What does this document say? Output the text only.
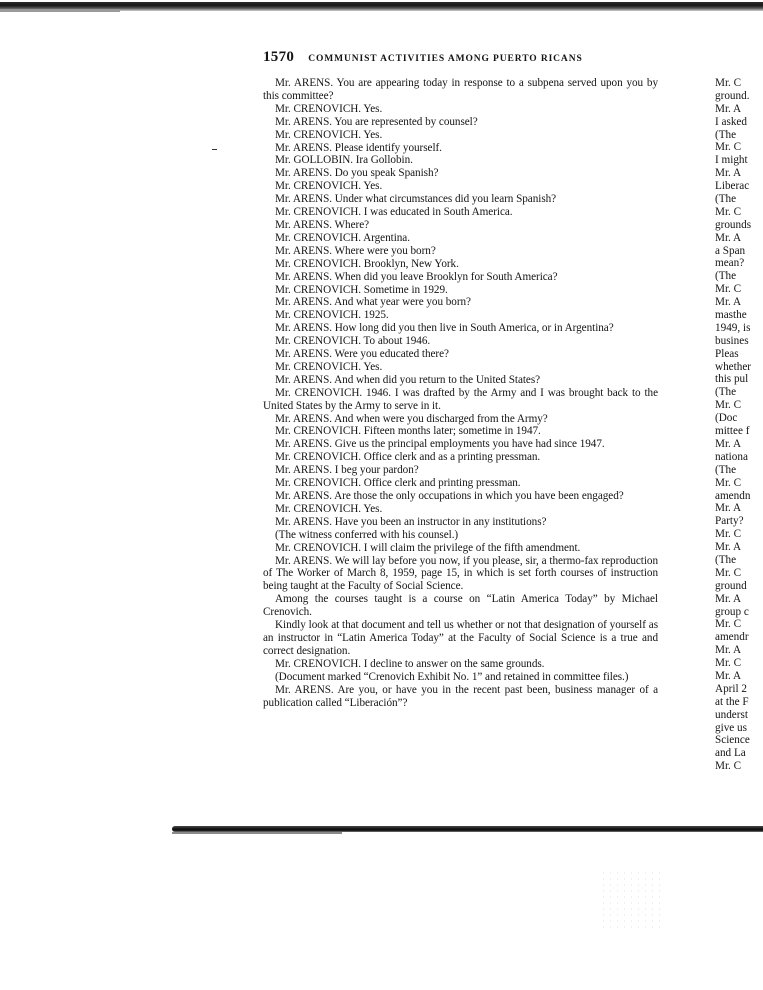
1570 COMMUNIST ACTIVITIES AMONG PUERTO RICANS

Mr. ARENS. You are appearing today in response to a subpena served upon you by this committee?

Mr. CRENOVICH. Yes.

Mr. ARENS. You are represented by counsel?

Mr. CRENOVICH. Yes.

Mr. ARENS. Please identify yourself.

Mr. GOLLOBIN. Ira Gollobin.

Mr. ARENS. Do you speak Spanish?

Mr. CRENOVICH. Yes.

Mr. ARENS. Under what circumstances did you learn Spanish?

Mr. CRENOVICH. I was educated in South America.

Mr. ARENS. Where?

Mr. CRENOVICH. Argentina.

Mr. ARENS. Where were you born?

Mr. CRENOVICH. Brooklyn, New York.

Mr. ARENS. When did you leave Brooklyn for South America?

Mr. CRENOVICH. Sometime in 1929.

Mr. ARENS. And what year were you born?

Mr. CRENOVICH. 1925.

Mr. ARENS. How long did you then live in South America, or in Argentina?

Mr. CRENOVICH. To about 1946.

Mr. ARENS. Were you educated there?

Mr. CRENOVICH. Yes.

Mr. ARENS. And when did you return to the United States?

Mr. CRENOVICH. 1946. I was drafted by the Army and I was brought back to the United States by the Army to serve in it.

Mr. ARENS. And when were you discharged from the Army?

Mr. CRENOVICH. Fifteen months later; sometime in 1947.

Mr. ARENS. Give us the principal employments you have had since 1947.

Mr. CRENOVICH. Office clerk and as a printing pressman.

Mr. ARENS. I beg your pardon?

Mr. CRENOVICH. Office clerk and printing pressman.

Mr. ARENS. Are those the only occupations in which you have been engaged?

Mr. CRENOVICH. Yes.

Mr. ARENS. Have you been an instructor in any institutions?

(The witness conferred with his counsel.)

Mr. CRENOVICH. I will claim the privilege of the fifth amendment.

Mr. ARENS. We will lay before you now, if you please, sir, a thermo-fax reproduction of The Worker of March 8, 1959, page 15, in which is set forth courses of instruction being taught at the Faculty of Social Science.

Among the courses taught is a course on “Latin America Today” by Michael Crenovich.

Kindly look at that document and tell us whether or not that designation of yourself as an instructor in “Latin America Today” at the Faculty of Social Science is a true and correct designation.

Mr. CRENOVICH. I decline to answer on the same grounds.

(Document marked “Crenovich Exhibit No. 1” and retained in committee files.)

Mr. ARENS. Are you, or have you in the recent past been, business manager of a publication called “Liberación”?

Mr. C
ground.
Mr. A
I asked
(The
Mr. C
I might
Mr. A
Liberac
(The
Mr. C
grounds
Mr. A
a Span
mean?
(The
Mr. C
Mr. A
masthe
1949, is
busines
Pleas
whether
this pul
(The
Mr. C
(Doc
mittee f
Mr. A
nationa
(The
Mr. C
amendn
Mr. A
Party?
Mr. C
Mr. A
(The
Mr. C
ground
Mr. A
group c
Mr. C
amendr
Mr. A
Mr. C
Mr. A
April 2
at the F
underst
give us
Science
and La
Mr. C
